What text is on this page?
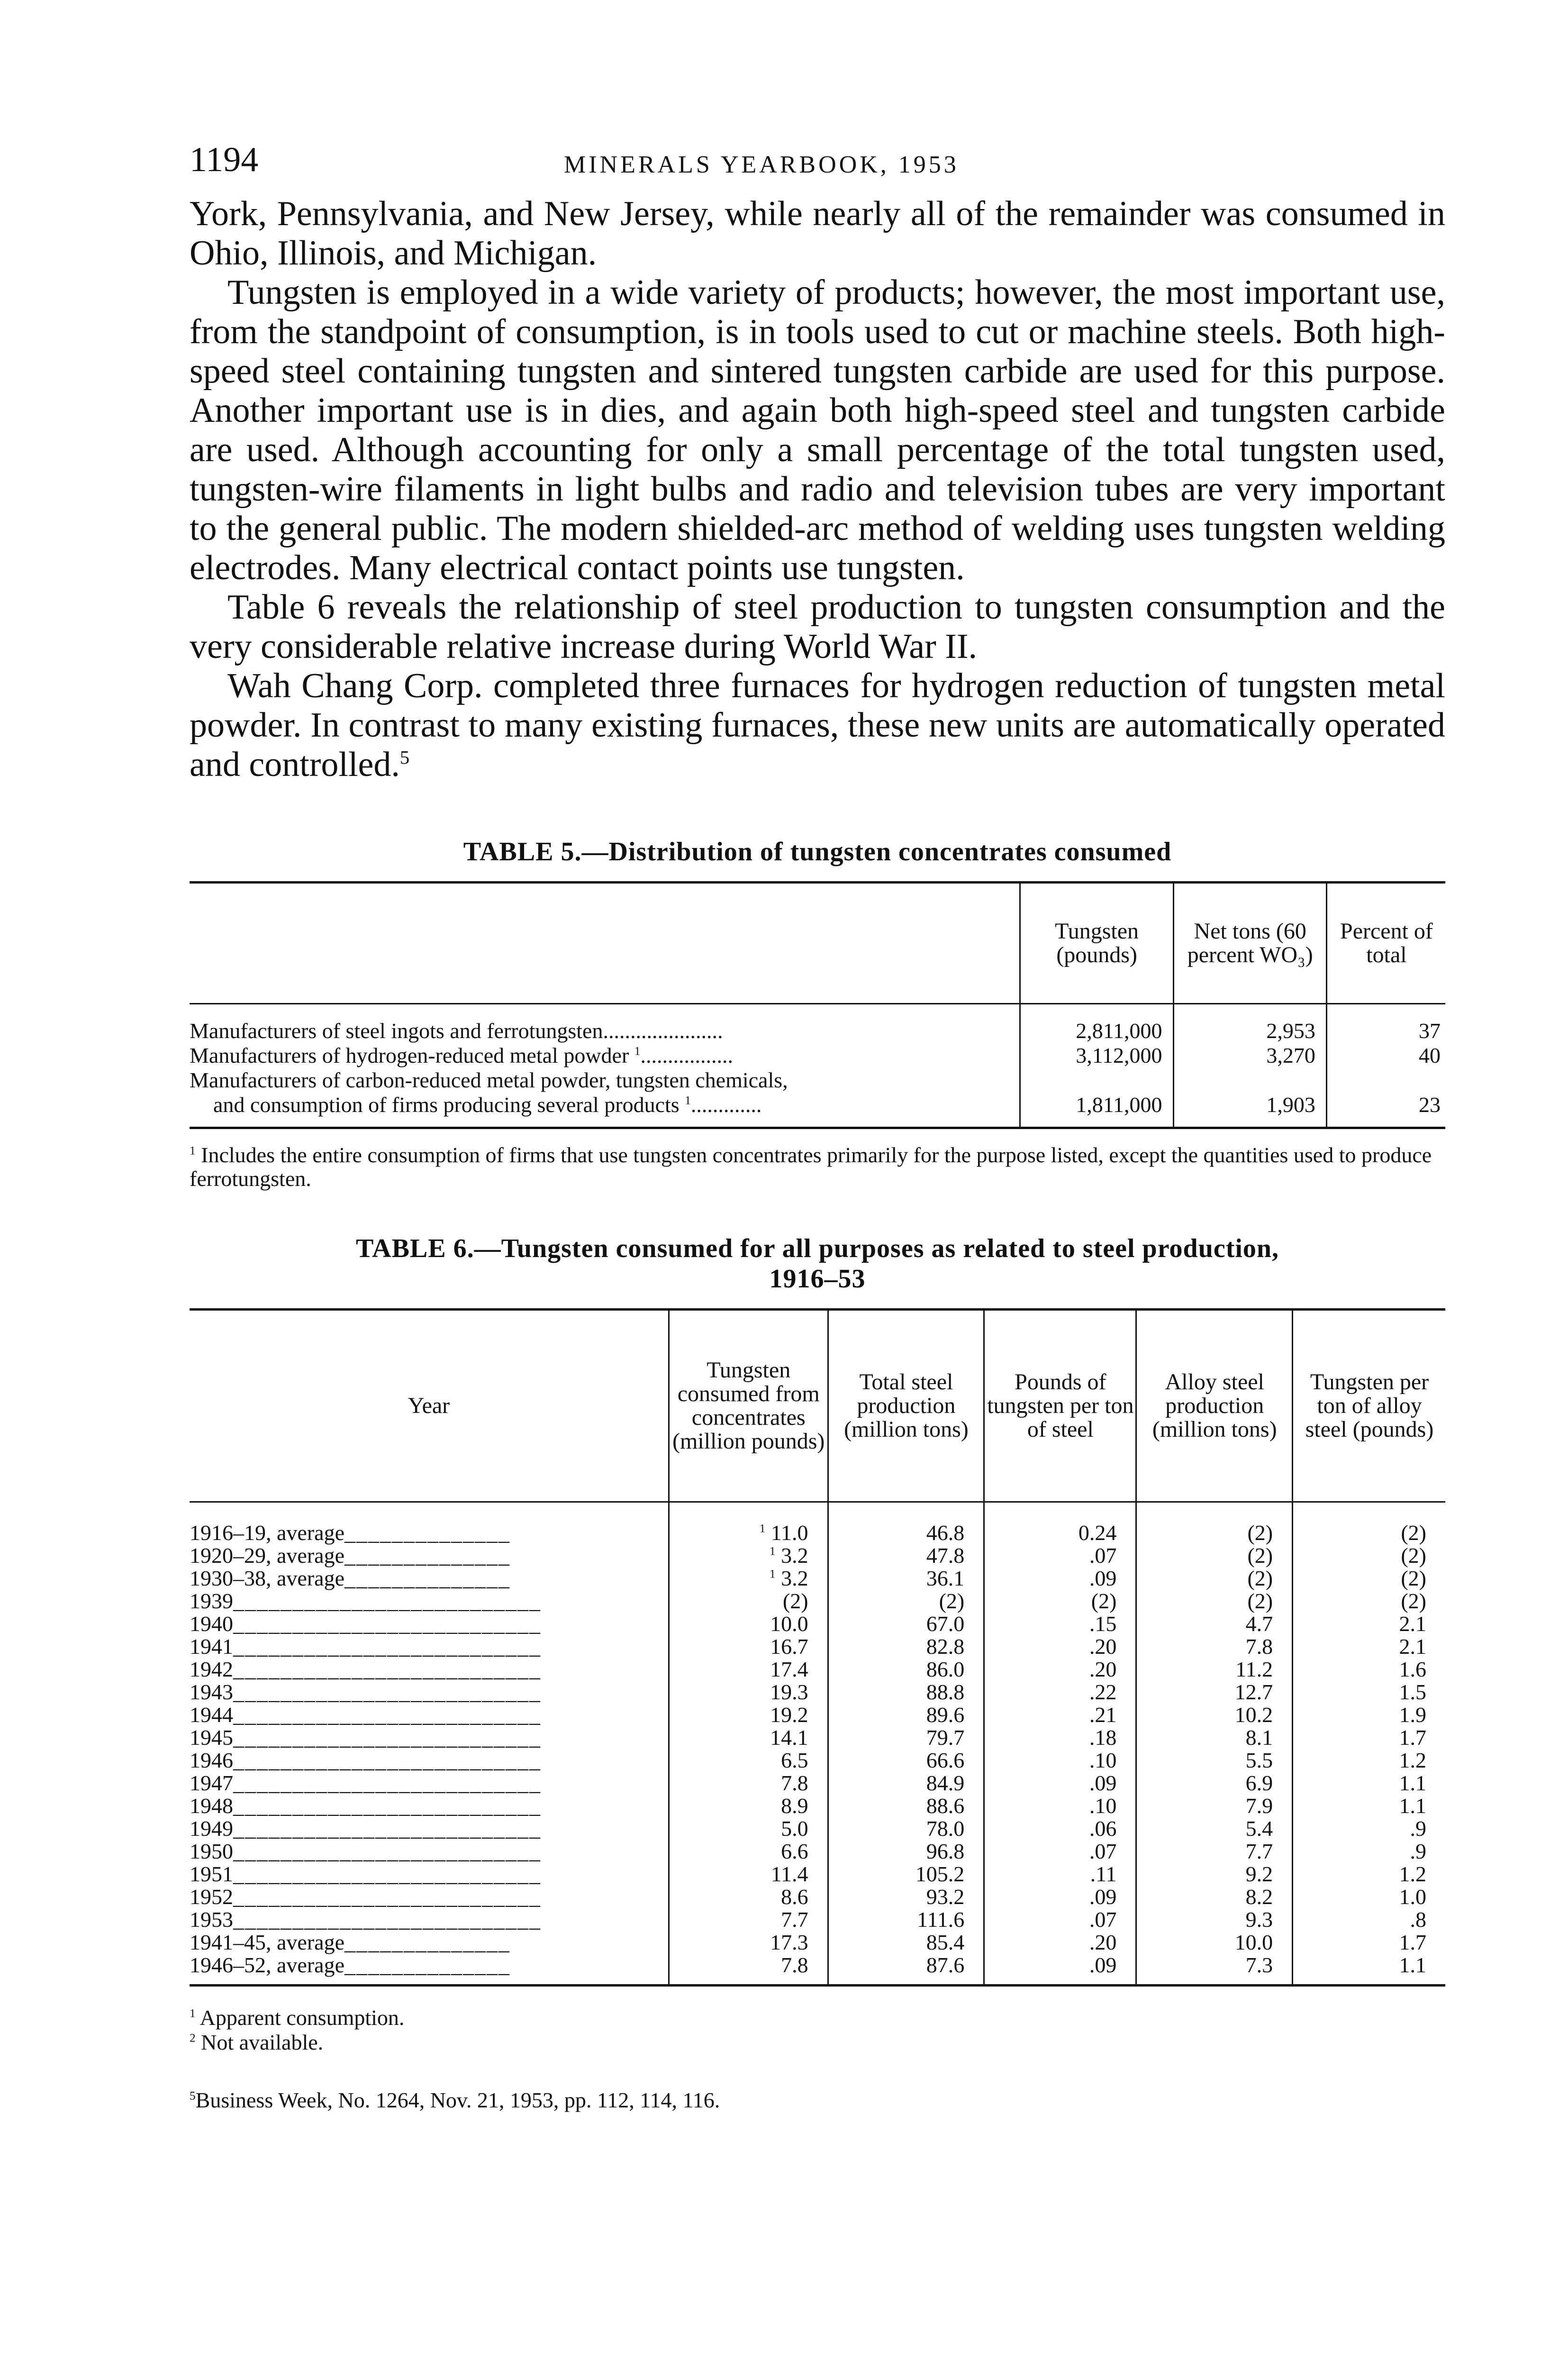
1194	MINERALS YEARBOOK, 1953

York, Pennsylvania, and New Jersey, while nearly all of the remainder was consumed in Ohio, Illinois, and Michigan.

Tungsten is employed in a wide variety of products; however, the most important use, from the standpoint of consumption, is in tools used to cut or machine steels. Both high-speed steel containing tungsten and sintered tungsten carbide are used for this purpose. Another important use is in dies, and again both high-speed steel and tungsten carbide are used. Although accounting for only a small percentage of the total tungsten used, tungsten-wire filaments in light bulbs and radio and television tubes are very important to the general public. The modern shielded-arc method of welding uses tungsten welding electrodes. Many electrical contact points use tungsten.

Table 6 reveals the relationship of steel production to tungsten consumption and the very considerable relative increase during World War II.

Wah Chang Corp. completed three furnaces for hydrogen reduction of tungsten metal powder. In contrast to many existing furnaces, these new units are automatically operated and controlled.$^5$

TABLE 5.—Distribution of tungsten concentrates consumed
	Tungsten (pounds)	Net tons (60 percent WO₃)	Percent of total
Manufacturers of steel ingots and ferrotungsten......................	2,811,000	2,953	37
Manufacturers of hydrogen-reduced metal powder $^1$.................	3,112,000	3,270	40
Manufacturers of carbon-reduced metal powder, tungsten chemicals,
and consumption of firms producing several products $^1$.............	1,811,000	1,903	23
$^1$ Includes the entire consumption of firms that use tungsten concentrates primarily for the purpose listed, except the quantities used to produce ferrotungsten.
TABLE 6.—Tungsten consumed for all purposes as related to steel production,
1916–53
Year	Tungsten consumed from concentrates (million pounds)	Total steel production (million tons)	Pounds of tungsten per ton of steel	Alloy steel production (million tons)	Tungsten per ton of alloy steel (pounds)
1916–19, average______________	$^1$ 11.0	46.8	0.24	(2)	(2)
1920–29, average______________	$^1$ 3.2	47.8	.07	(2)	(2)
1930–38, average______________	$^1$ 3.2	36.1	.09	(2)	(2)
1939__________________________	(2)	(2)	(2)	(2)	(2)
1940__________________________	10.0	67.0	.15	4.7	2.1
1941__________________________	16.7	82.8	.20	7.8	2.1
1942__________________________	17.4	86.0	.20	11.2	1.6
1943__________________________	19.3	88.8	.22	12.7	1.5
1944__________________________	19.2	89.6	.21	10.2	1.9
1945__________________________	14.1	79.7	.18	8.1	1.7
1946__________________________	6.5	66.6	.10	5.5	1.2
1947__________________________	7.8	84.9	.09	6.9	1.1
1948__________________________	8.9	88.6	.10	7.9	1.1
1949__________________________	5.0	78.0	.06	5.4	.9
1950__________________________	6.6	96.8	.07	7.7	.9
1951__________________________	11.4	105.2	.11	9.2	1.2
1952__________________________	8.6	93.2	.09	8.2	1.0
1953__________________________	7.7	111.6	.07	9.3	.8
1941–45, average______________	17.3	85.4	.20	10.0	1.7
1946–52, average______________	7.8	87.6	.09	7.3	1.1
$^1$ Apparent consumption.
$^2$ Not available.
$^5$Business Week, No. 1264, Nov. 21, 1953, pp. 112, 114, 116.
